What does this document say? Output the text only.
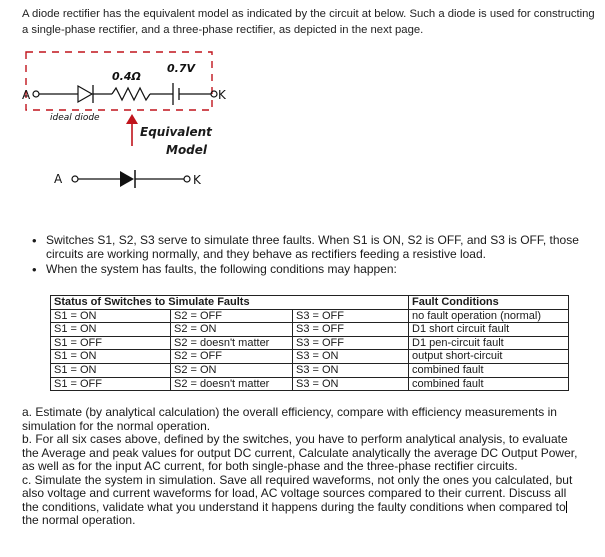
A diode rectifier has the equivalent model as indicated by the circuit at below. Such a diode is used for constructing a single-phase rectifier, and a three-phase rectifier, as depicted in the next page.

A
0.4Ω
0.7V
K
ideal diode
Equivalent
Model
A	K
• Switches S1, S2, S3 serve to simulate three faults. When S1 is ON, S2 is OFF, and S3 is OFF, those circuits are working normally, and they behave as rectifiers feeding a resistive load.
• When the system has faults, the following conditions may happen:
Status of Switches to Simulate Faults			Fault Conditions
S1 = ON	S2 = OFF	S3 = OFF	no fault operation (normal)
S1 = ON	S2 = ON	S3 = OFF	D1 short circuit fault
S1 = OFF	S2 = doesn't matter	S3 = OFF	D1 pen-circuit fault
S1 = ON	S2 = OFF	S3 = ON	output short-circuit
S1 = ON	S2 = ON	S3 = ON	combined fault
S1 = OFF	S2 = doesn't matter	S3 = ON	combined fault

a. Estimate (by analytical calculation) the overall efficiency, compare with efficiency measurements in simulation for the normal operation.

b. For all six cases above, defined by the switches, you have to perform analytical analysis, to evaluate the Average and peak values for output DC current, Calculate analytically the average DC Output Power, as well as for the input AC current, for both single-phase and the three-phase rectifier circuits.

c. Simulate the system in simulation. Save all required waveforms, not only the ones you calculated, but also voltage and current waveforms for load, AC voltage sources compared to their current. Discuss all the conditions, validate what you understand it happens during the faulty conditions when compared tothe normal operation.
